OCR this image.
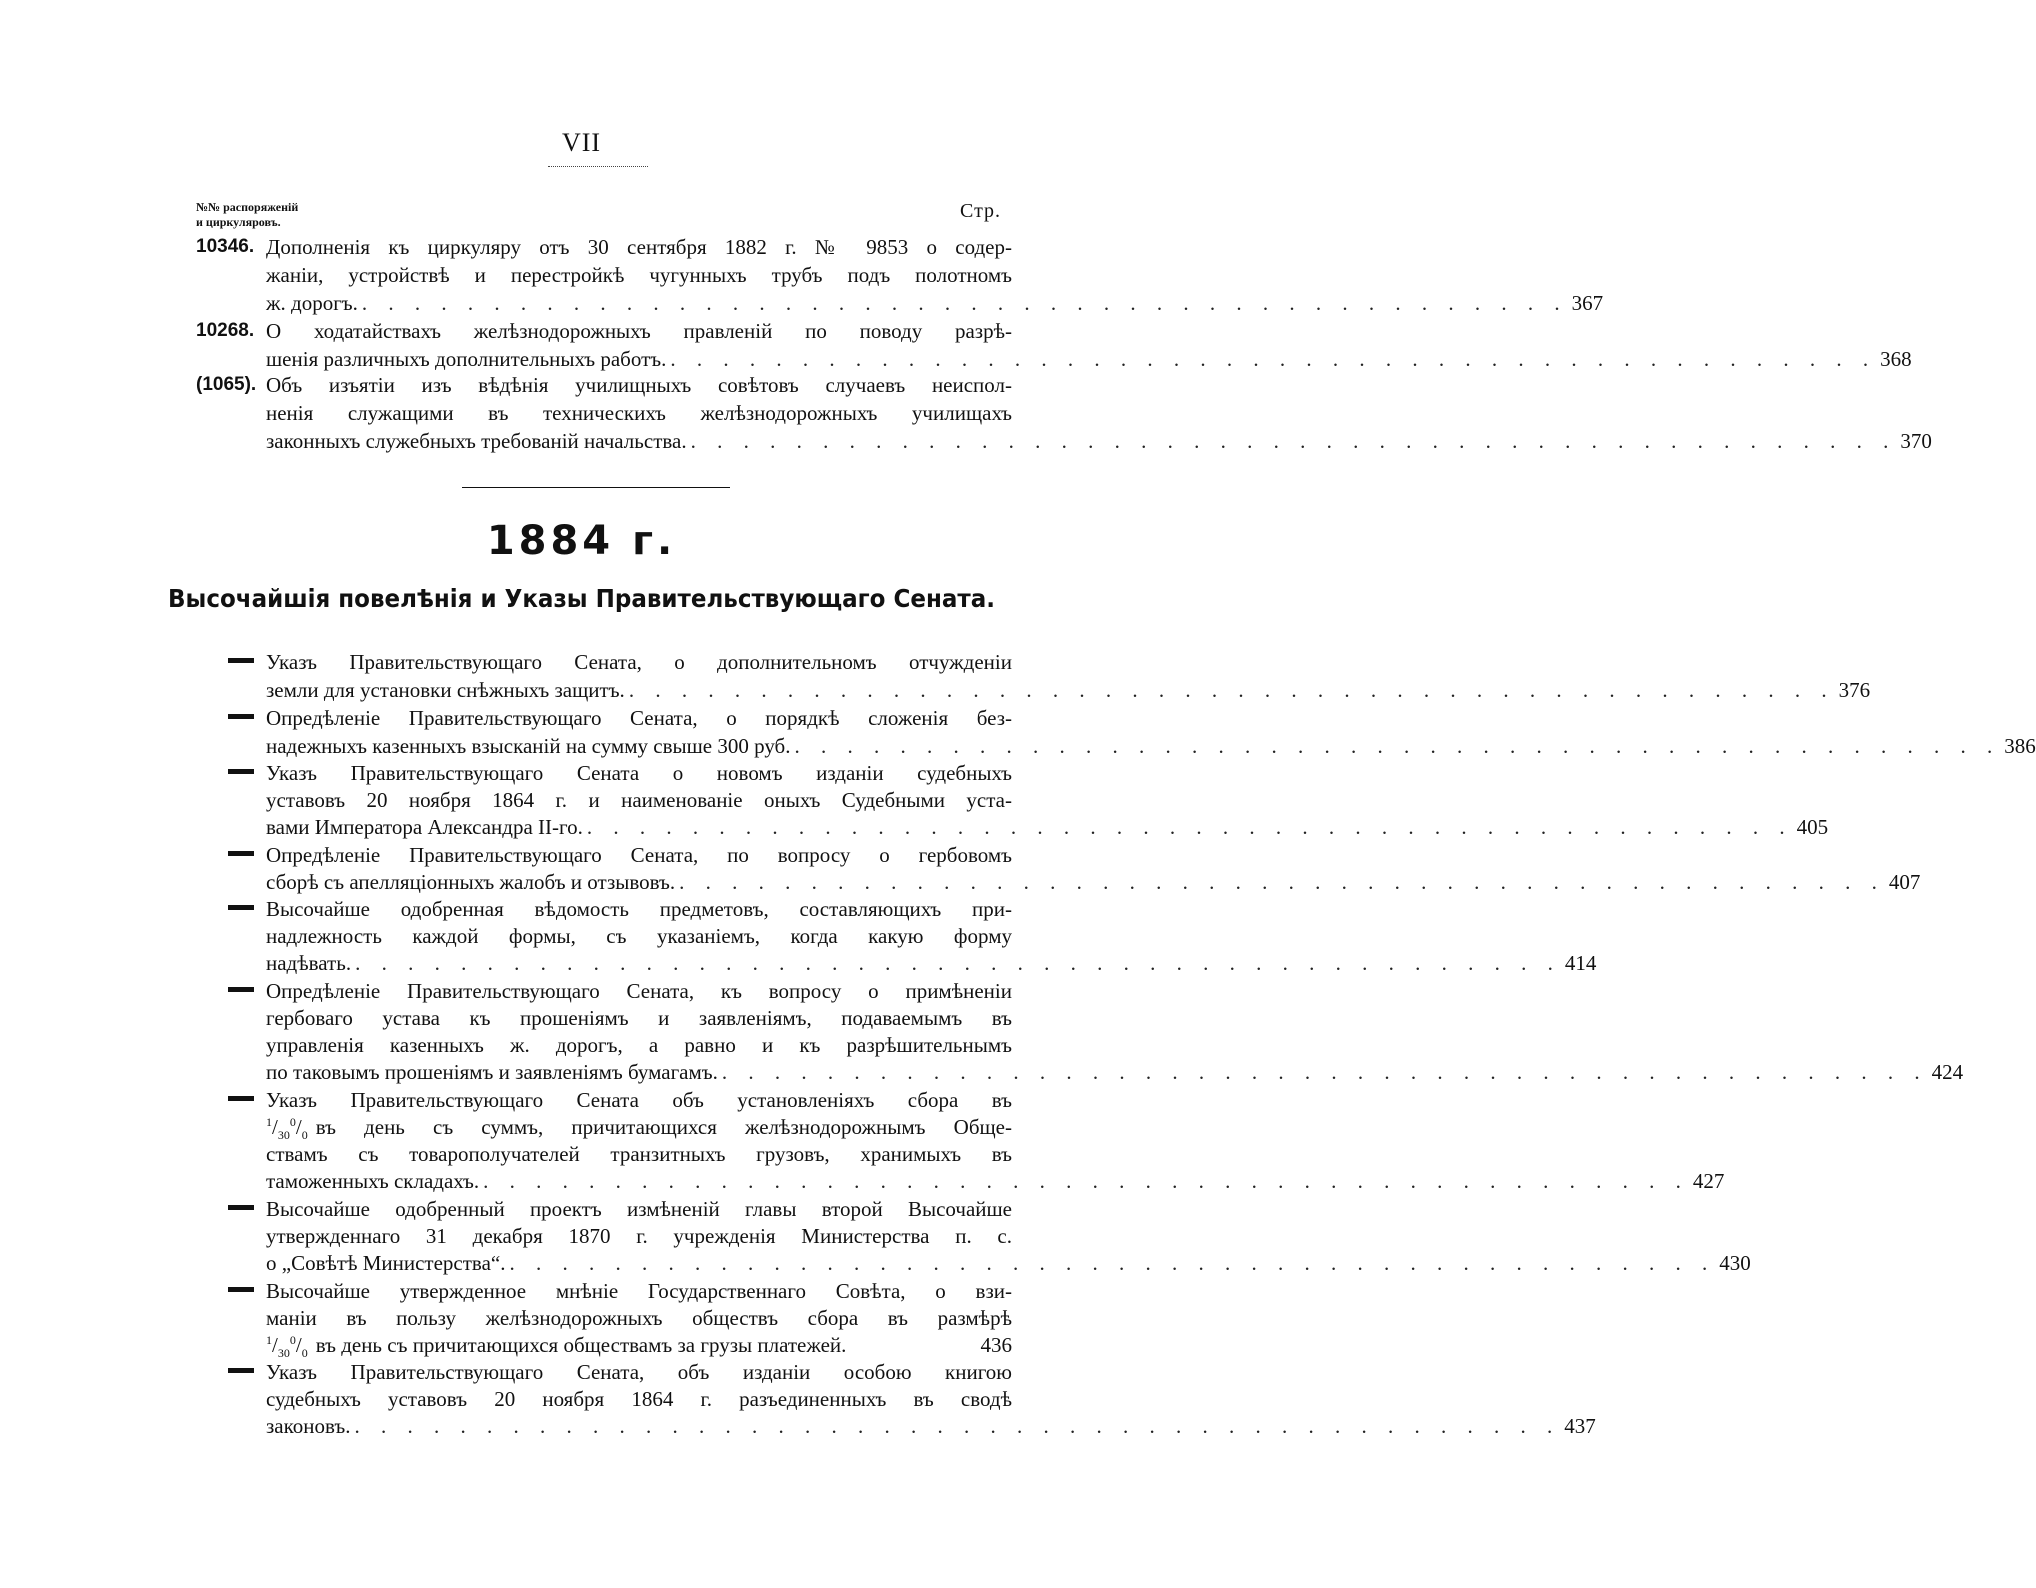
VII
№№ распоряженій
и циркуляровъ.	Стр.
10346. Дополненія къ циркуляру отъ 30 сентября 1882 г. № 9853 о содер-
жаніи, устройствѣ и перестройкѣ чугунныхъ трубъ подъ полотномъ
ж. дорогъ. . . . . . . . . . . . . . . . . . . . . . . . . . . . . . . . . . . . . . . . . . . . . . . 367
10268. О ходатайствахъ желѣзнодорожныхъ правленій по поводу разрѣ-
шенія различныхъ дополнительныхъ работъ. . . . . . . . . . . . . . . . . . . . . . . . . . . . . . . . . . . . . . . . . . . . . . . 368
(1065). Объ изъятіи изъ вѣдѣнія училищныхъ совѣтовъ случаевъ неиспол-
ненія служащими въ техническихъ желѣзнодорожныхъ училищахъ
законныхъ служебныхъ требованій начальства. . . . . . . . . . . . . . . . . . . . . . . . . . . . . . . . . . . . . . . . . . . . . . . 370
1884 г.
Высочайшія повелѣнія и Указы Правительствующаго Сената.
Указъ Правительствующаго Сената, о дополнительномъ отчужденіи
земли для установки снѣжныхъ защитъ. . . . . . . . . . . . . . . . . . . . . . . . . . . . . . . . . . . . . . . . . . . . . . . 376
Опредѣленіе Правительствующаго Сената, о порядкѣ сложенія без-
надежныхъ казенныхъ взысканій на сумму свыше 300 руб. . . . . . . . . . . . . . . . . . . . . . . . . . . . . . . . . . . . . . . . . . . . . . . 386
Указъ Правительствующаго Сената о новомъ изданіи судебныхъ
уставовъ 20 ноября 1864 г. и наименованіе оныхъ Судебными уста-
вами Императора Александра II-го. . . . . . . . . . . . . . . . . . . . . . . . . . . . . . . . . . . . . . . . . . . . . . . 405
Опредѣленіе Правительствующаго Сената, по вопросу о гербовомъ
сборѣ съ апелляціонныхъ жалобъ и отзывовъ. . . . . . . . . . . . . . . . . . . . . . . . . . . . . . . . . . . . . . . . . . . . . . . 407
Высочайше одобренная вѣдомость предметовъ, составляющихъ при-
надлежность каждой формы, съ указаніемъ, когда какую форму
надѣвать. . . . . . . . . . . . . . . . . . . . . . . . . . . . . . . . . . . . . . . . . . . . . . . 414
Опредѣленіе Правительствующаго Сената, къ вопросу о примѣненіи
гербоваго устава къ прошеніямъ и заявленіямъ, подаваемымъ въ
управленія казенныхъ ж. дорогъ, а равно и къ разрѣшительнымъ
по таковымъ прошеніямъ и заявленіямъ бумагамъ. . . . . . . . . . . . . . . . . . . . . . . . . . . . . . . . . . . . . . . . . . . . . . . 424
Указъ Правительствующаго Сената объ установленіяхъ сбора въ
$^1/_{30}^0/_0$ въ день съ суммъ, причитающихся желѣзнодорожнымъ Обще-
ствамъ съ товарополучателей транзитныхъ грузовъ, хранимыхъ въ
таможенныхъ складахъ. . . . . . . . . . . . . . . . . . . . . . . . . . . . . . . . . . . . . . . . . . . . . . . 427
Высочайше одобренный проектъ измѣненій главы второй Высочайше
утвержденнаго 31 декабря 1870 г. учрежденія Министерства п. с.
о „Совѣтѣ Министерства“. . . . . . . . . . . . . . . . . . . . . . . . . . . . . . . . . . . . . . . . . . . . . . . 430
Высочайше утвержденное мнѣніе Государственнаго Совѣта, о взи-
маніи въ пользу желѣзнодорожныхъ обществъ сбора въ размѣрѣ
$^1/_{30}^0/_0$ въ день съ причитающихся обществамъ за грузы платежей.	436
Указъ Правительствующаго Сената, объ изданіи особою книгою
судебныхъ уставовъ 20 ноября 1864 г. разъединенныхъ въ сводѣ
законовъ. . . . . . . . . . . . . . . . . . . . . . . . . . . . . . . . . . . . . . . . . . . . . . . 437
